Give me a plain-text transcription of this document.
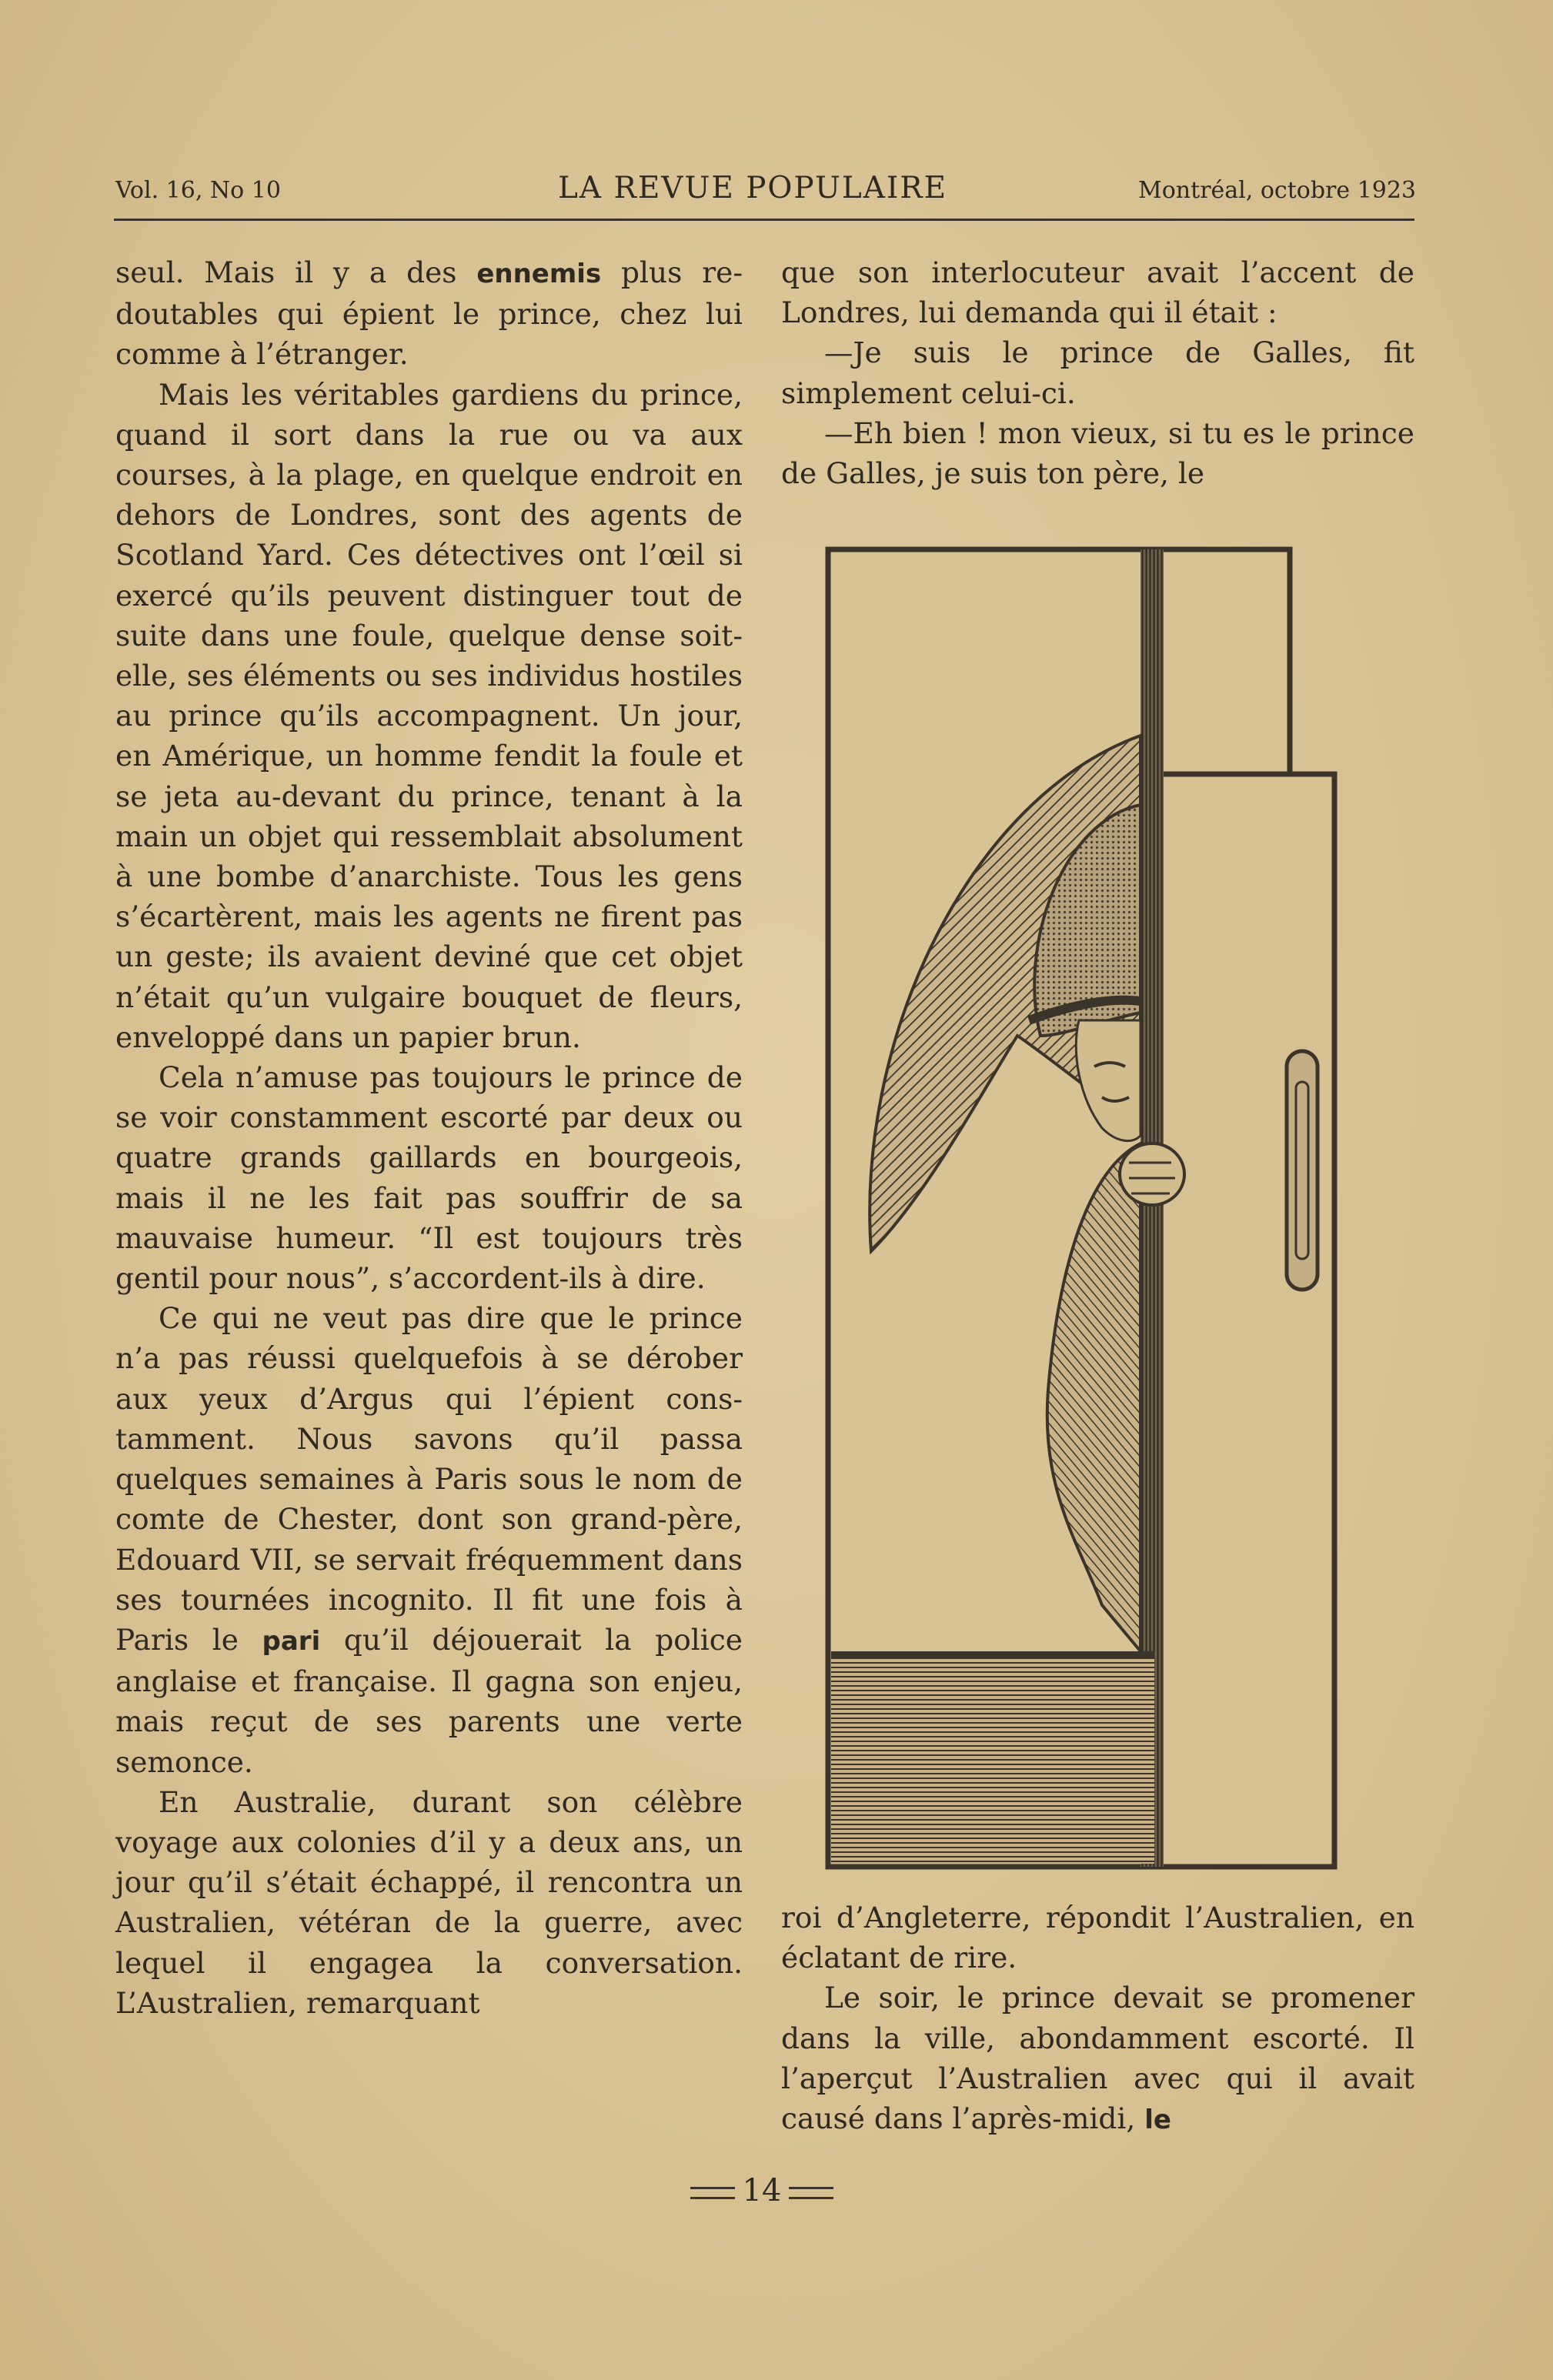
Vol. 16, No 10	LA REVUE POPULAIRE	Montréal, octobre 1923

seul. Mais il y a des ennemis plus redoutables qui épient le prince, chez lui comme à l’étranger.

Mais les véritables gardiens du prince, quand il sort dans la rue ou va aux courses, à la plage, en quelque endroit en dehors de Londres, sont des agents de Scotland Yard. Ces détectives ont l’œil si exercé qu’ils peuvent distinguer tout de suite dans une foule, quelque dense soit-elle, ses éléments ou ses individus hostiles au prince qu’ils accompagnent. Un jour, en Amérique, un homme fendit la foule et se jeta au-devant du prince, tenant à la main un objet qui ressemblait absolument à une bombe d’anarchiste. Tous les gens s’écartèrent, mais les agents ne firent pas un geste; ils avaient deviné que cet objet n’était qu’un vulgaire bouquet de fleurs, enveloppé dans un papier brun.

Cela n’amuse pas toujours le prince de se voir constamment escorté par deux ou quatre grands gaillards en bourgeois, mais il ne les fait pas souffrir de sa mauvaise humeur. “Il est toujours très gentil pour nous”, s’accordent-ils à dire.

Ce qui ne veut pas dire que le prince n’a pas réussi quelquefois à se dérober aux yeux d’Argus qui l’épient constamment. Nous savons qu’il passa quelques semaines à Paris sous le nom de comte de Chester, dont son grand-père, Edouard VII, se servait fréquemment dans ses tournées incognito. Il fit une fois à Paris le pari qu’il déjouerait la police anglaise et française. Il gagna son enjeu, mais reçut de ses parents une verte semonce.

En Australie, durant son célèbre voyage aux colonies d’il y a deux ans, un jour qu’il s’était échappé, il rencontra un Australien, vétéran de la guerre, avec lequel il engagea la conversation. L’Australien, remarquant

que son interlocuteur avait l’accent de Londres, lui demanda qui il était :

—Je suis le prince de Galles, fit simplement celui-ci.

—Eh bien ! mon vieux, si tu es le prince de Galles, je suis ton père, le

roi d’Angleterre, répondit l’Australien, en éclatant de rire.

Le soir, le prince devait se promener dans la ville, abondamment escorté. Il l’aperçut l’Australien avec qui il avait causé dans l’après-midi, le

14
